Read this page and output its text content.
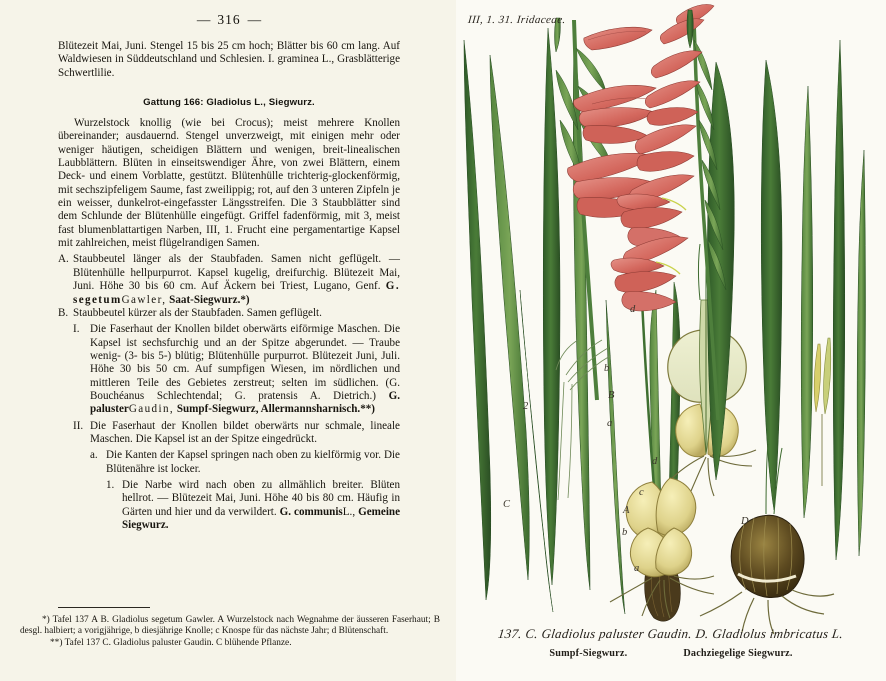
— 316 —

Blütezeit Mai, Juni. Stengel 15 bis 25 cm hoch; Blätter bis 60 cm lang. Auf Waldwiesen in Süddeutschland und Schlesien. I. graminea L., Grasblätterige Schwertlilie.

Gattung 166: Gladiolus L., Siegwurz.

Wurzelstock knollig (wie bei Crocus); meist mehrere Knollen übereinander; ausdauernd. Stengel unverzweigt, mit einigen mehr oder weniger häutigen, scheidigen Blättern und wenigen, breit-linealischen Laubblättern. Blüten in einseitswendiger Ähre, von zwei Blättern, einem Deck- und einem Vorblatte, gestützt. Blütenhülle trichterig-glockenförmig, mit sechszipfeligem Saume, fast zweilippig; rot, auf den 3 unteren Zipfeln je ein weisser, dunkelrot-eingefasster Längsstreifen. Die 3 Staubblätter sind dem Schlunde der Blütenhülle eingefügt. Griffel fadenförmig, mit 3, meist fast blumenblattartigen Narben, III, 1. Frucht eine pergamentartige Kapsel mit zahlreichen, meist flügelrandigen Samen.

A. Staubbeutel länger als der Staubfaden. Samen nicht geflügelt. — Blütenhülle hellpurpurrot. Kapsel kugelig, dreifurchig. Blütezeit Mai, Juni. Höhe 30 bis 60 cm. Auf Äckern bei Triest, Lugano, Genf. G. segetumGawler, Saat-Siegwurz.*)
B. Staubbeutel kürzer als der Staubfaden. Samen geflügelt.
I. Die Faserhaut der Knollen bildet oberwärts eiförmige Maschen. Die Kapsel ist sechsfurchig und an der Spitze abgerundet. — Traube wenig- (3- bis 5-) blütig; Blütenhülle purpurrot. Blütezeit Juni, Juli. Höhe 30 bis 50 cm. Auf sumpfigen Wiesen, im nördlichen und mittleren Teile des Gebietes zerstreut; selten im südlichen. (G. Bouchéanus Schlechtendal; G. pratensis A. Dietrich.) G. palusterGaudin, Sumpf-Siegwurz, Allermannsharnisch.**)
II. Die Faserhaut der Knollen bildet oberwärts nur schmale, lineale Maschen. Die Kapsel ist an der Spitze eingedrückt.
a. Die Kanten der Kapsel springen nach oben zu kielförmig vor. Die Blütenähre ist locker.
1. Die Narbe wird nach oben zu allmählich breiter. Blüten hellrot. — Blütezeit Mai, Juni. Höhe 40 bis 80 cm. Häufig in Gärten und hier und da verwildert. G. communisL., Gemeine Siegwurz.

*) Tafel 137 A B. Gladiolus segetum Gawler. A Wurzelstock nach Wegnahme der äusseren Faserhaut; B desgl. halbiert; a vorigjährige, b diesjährige Knolle; c Knospe für das nächste Jahr; d Blütenschaft.

**) Tafel 137 C. Gladiolus paluster Gaudin. C blühende Pflanze.

III, 1. 31. Iridaceae.
137. C. Gladiolus paluster Gaudin. D. Gladiolus imbricatus L.
Sumpf-Siegwurz.	Dachziegelige Siegwurz.
2
C
d
b
B
a
d
c
A
b
a
D
